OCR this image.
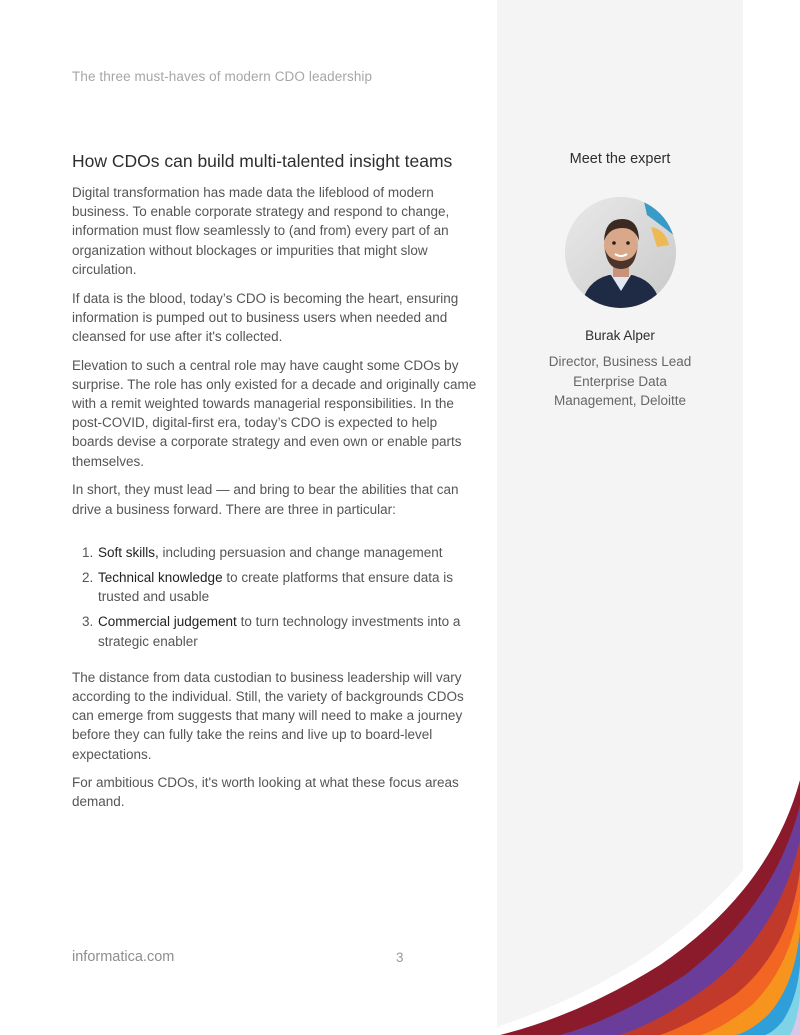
The three must-haves of modern CDO leadership
How CDOs can build multi-talented insight teams

Digital transformation has made data the lifeblood of modern business. To enable corporate strategy and respond to change, information must flow seamlessly to (and from) every part of an organization without blockages or impurities that might slow circulation.

If data is the blood, today’s CDO is becoming the heart, ensuring information is pumped out to business users when needed and cleansed for use after it's collected.

Elevation to such a central role may have caught some CDOs by surprise. The role has only existed for a decade and originally came with a remit weighted towards managerial responsibilities. In the post-COVID, digital-first era, today’s CDO is expected to help boards devise a corporate strategy and even own or enable parts themselves.

In short, they must lead — and bring to bear the abilities that can drive a business forward. There are three in particular:

1. Soft skills, including persuasion and change management
2. Technical knowledge to create platforms that ensure data is trusted and usable
3. Commercial judgement to turn technology investments into a strategic enabler

The distance from data custodian to business leadership will vary according to the individual. Still, the variety of backgrounds CDOs can emerge from suggests that many will need to make a journey before they can fully take the reins and live up to board-level expectations.

For ambitious CDOs, it's worth looking at what these focus areas demand.

Meet the expert
Burak Alper
Director, Business Lead Enterprise Data Management, Deloitte
informatica.com	3
